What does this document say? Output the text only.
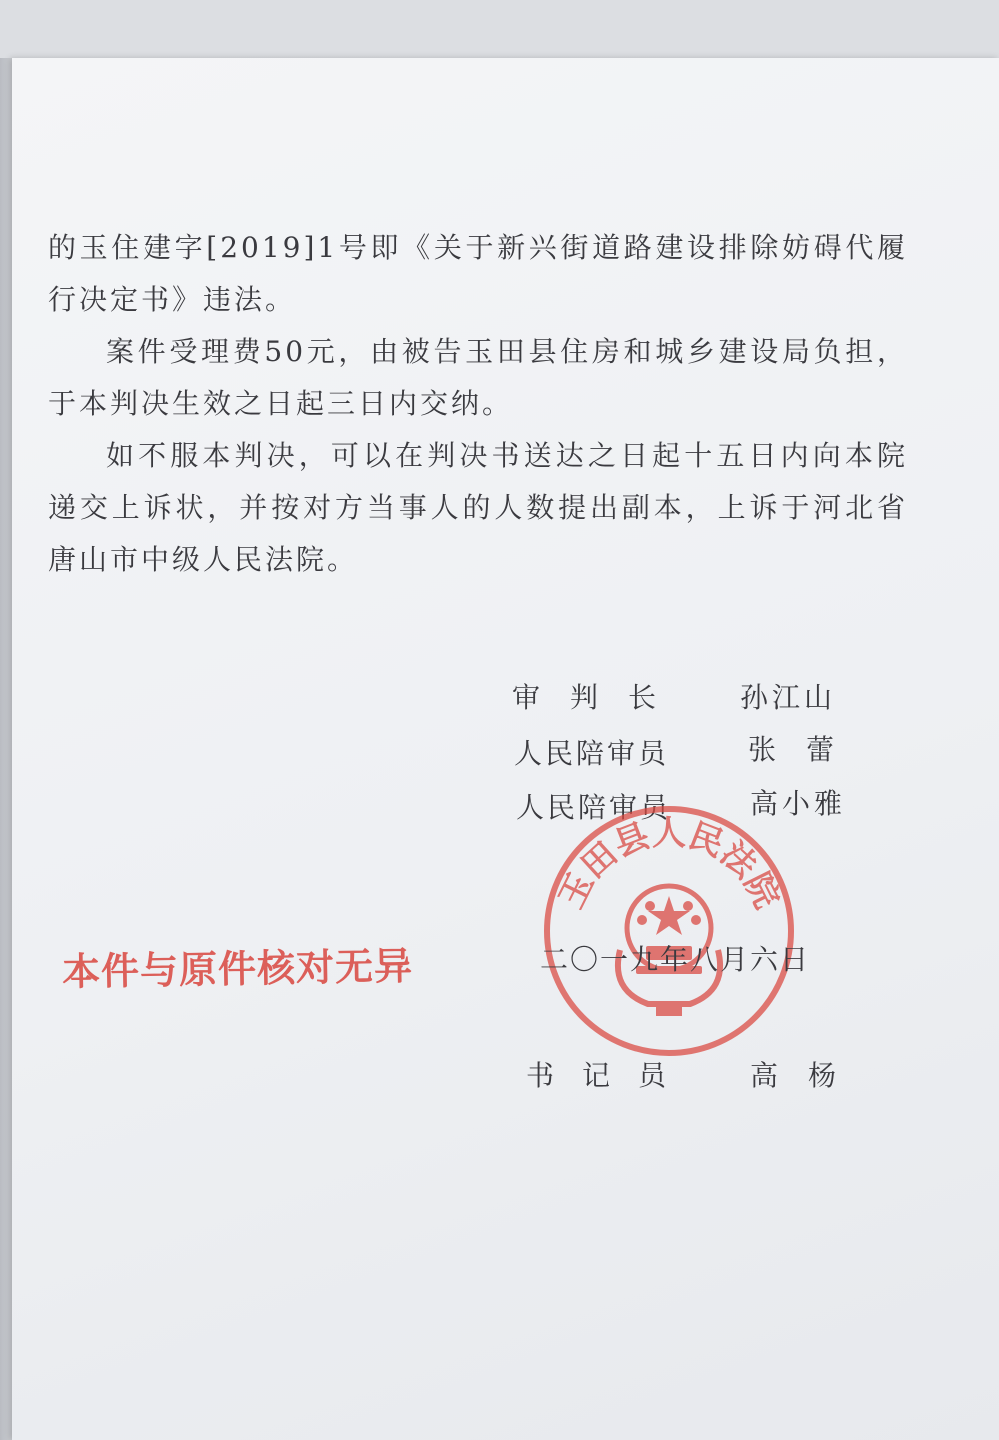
的玉住建字[2019]1号即《关于新兴街道路建设排除妨碍代履行决定书》违法。

案件受理费50元，由被告玉田县住房和城乡建设局负担，于本判决生效之日起三日内交纳。

如不服本判决，可以在判决书送达之日起十五日内向本院递交上诉状，并按对方当事人的人数提出副本，上诉于河北省唐山市中级人民法院。

审判长 孙江山
人民陪审员	张蕾
人民陪审员	高小雅
玉田县人民法院
本件与原件核对无异	二〇一九年八月六日
书记员 高杨
